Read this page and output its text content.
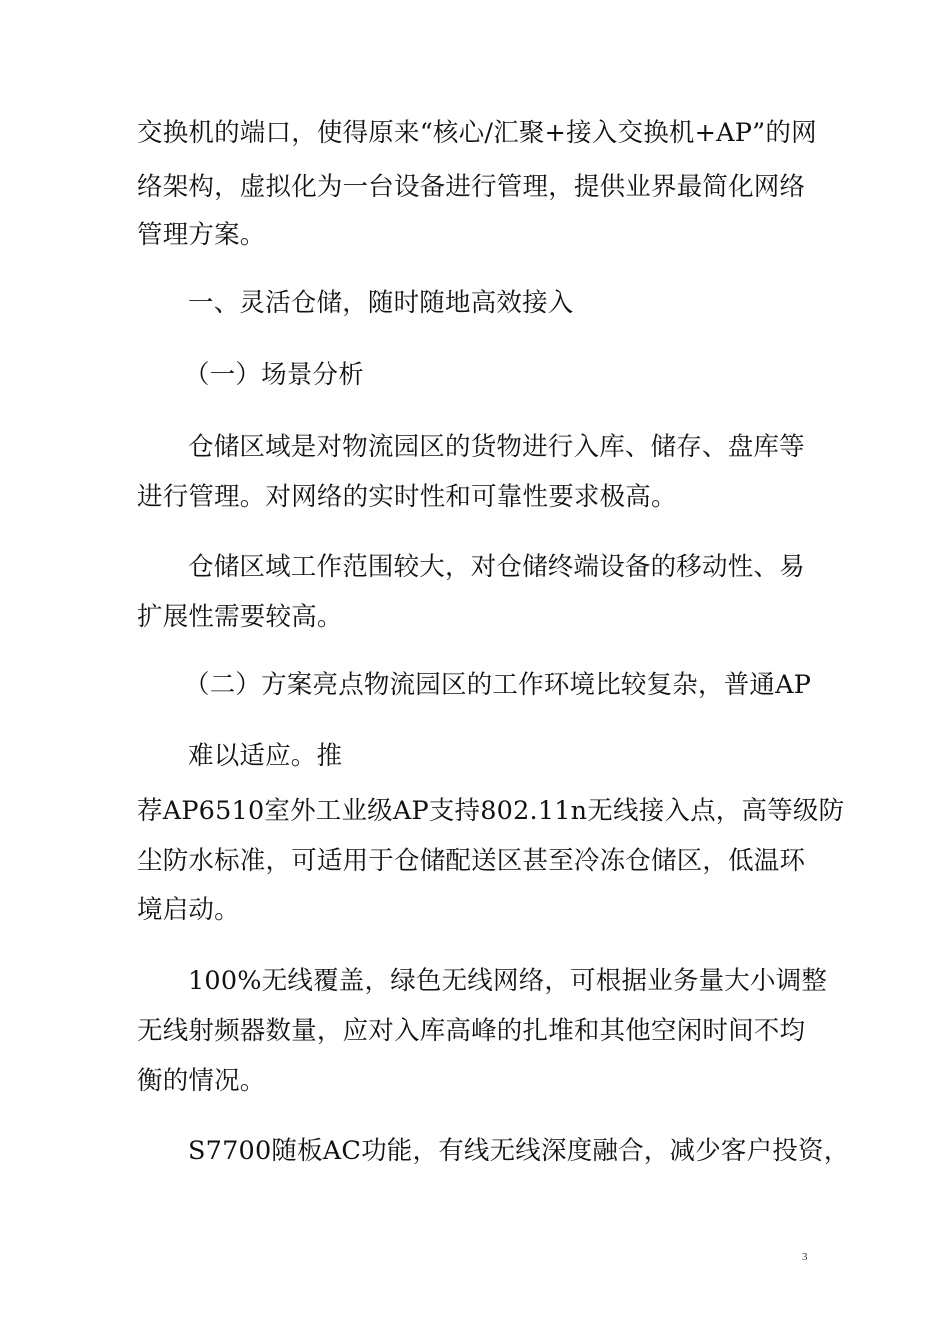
交换机的端口，使得原来“核心/汇聚+接入交换机+AP”的网
络架构，虚拟化为一台设备进行管理，提供业界最简化网络
管理方案。
一、灵活仓储，随时随地高效接入
（一）场景分析
仓储区域是对物流园区的货物进行入库、储存、盘库等
进行管理。对网络的实时性和可靠性要求极高。
仓储区域工作范围较大，对仓储终端设备的移动性、易
扩展性需要较高。
（二）方案亮点物流园区的工作环境比较复杂，普通AP
难以适应。推
荐AP6510室外工业级AP支持802.11n无线接入点，高等级防
尘防水标准，可适用于仓储配送区甚至冷冻仓储区，低温环
境启动。
100%无线覆盖，绿色无线网络，可根据业务量大小调整
无线射频器数量，应对入库高峰的扎堆和其他空闲时间不均
衡的情况。
S7700随板AC功能，有线无线深度融合，减少客户投资，
3
